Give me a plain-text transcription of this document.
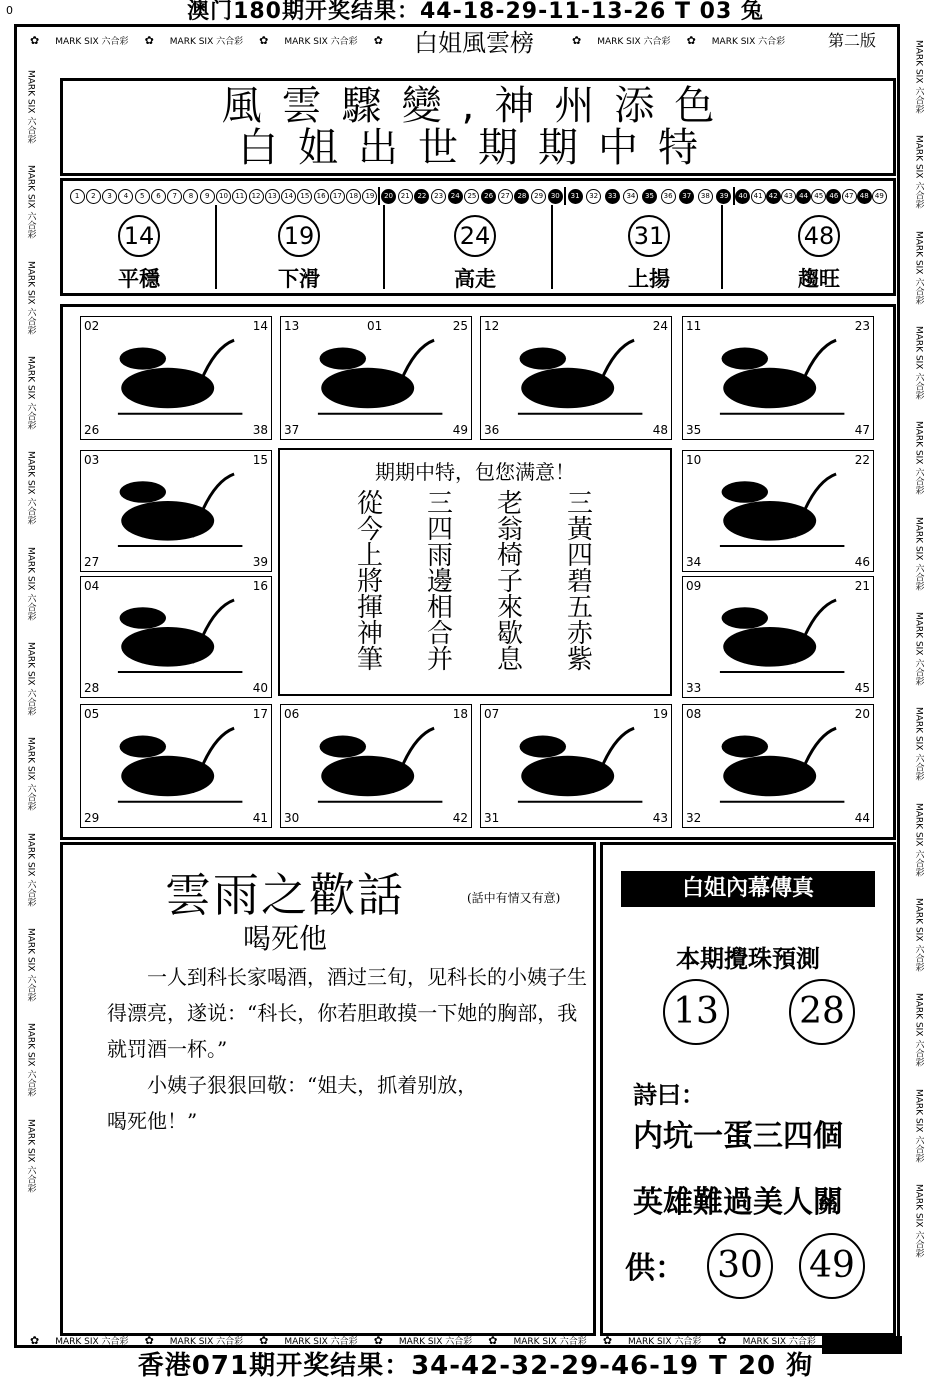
0	澳门180期开奖结果：44-18-29-11-13-26 T 03 兔
✿ MARK SIX 六合彩 ✿ MARK SIX 六合彩 ✿ MARK SIX 六合彩 ✿	白姐風雲榜	✿ MARK SIX 六合彩 ✿ MARK SIX 六合彩	第二版
MARK SIX 六合彩
MARK SIX 六合彩
MARK SIX 六合彩
MARK SIX 六合彩
MARK SIX 六合彩
MARK SIX 六合彩
MARK SIX 六合彩
MARK SIX 六合彩
MARK SIX 六合彩
MARK SIX 六合彩
MARK SIX 六合彩
MARK SIX 六合彩
MARK SIX 六合彩
MARK SIX 六合彩
MARK SIX 六合彩
MARK SIX 六合彩
MARK SIX 六合彩
MARK SIX 六合彩
MARK SIX 六合彩
MARK SIX 六合彩
MARK SIX 六合彩
MARK SIX 六合彩
MARK SIX 六合彩
MARK SIX 六合彩
MARK SIX 六合彩
風雲驟變,神州添色
白姐出世期期中特
1	2	3	4	5	6	7	8	9	10	11	12	13	14	15	16	17	18	19	20	21	22	23	24	25	26	27	28	29	30	31	32	33	34	35	36	37	38	39	40 41 42 43 44 45 46 47 48 49
14
平穩
19
下滑
24
高走
31
上揚
48
趨旺
02	14
26	38
13	01
37	49
25 12	24
36	48
11	23
35	47
03	15
27	39
10	22
34	46
04	16
28	40
09	21
33	45
05	17
29	41
06	18
30	42
07	19
31	43
08	20
32	44
期期中特，包您满意！
從
今
上
將
揮
神
筆
三
四
雨
邊
相
合
并
老
翁
椅
子
來
歇
息
三
黃
四
碧
五
赤
紫
雲雨之歡話	(話中有情又有意)
喝死他

一人到科长家喝酒，酒过三旬，见科长的小姨子生得漂亮，遂说：“科长，你若胆敢摸一下她的胸部，我就罚酒一杯。”

小姨子狠狠回敬：“姐夫，抓着别放，

喝死他！”

白姐內幕傳真
本期攪珠預測
13 28
詩曰：
内坑一蛋三四個
英雄難過美人關
供： 30 49
✿ MARK SIX 六合彩 ✿ MARK SIX 六合彩 ✿ MARK SIX 六合彩 ✿ MARK SIX 六合彩 ✿ MARK SIX 六合彩 ✿ MARK SIX 六合彩 ✿ MARK SIX 六合彩
香港071期开奖结果：34-42-32-29-46-19 T 20 狗
